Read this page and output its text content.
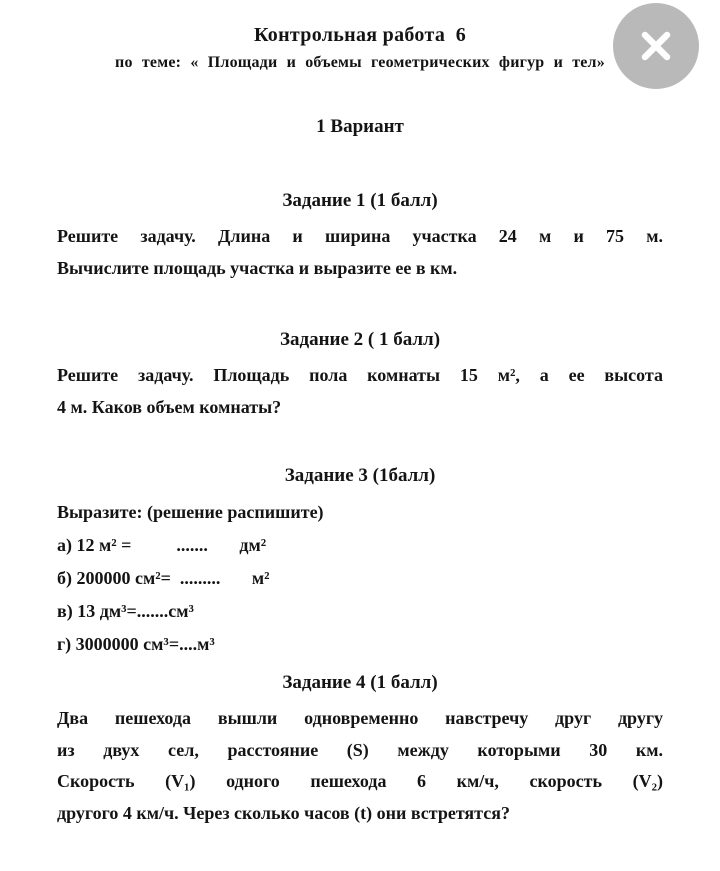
Контрольная работа  6
по теме: « Площади и объемы геометрических фигур и тел»
1 Вариант
Задание 1 (1 балл)
Решите задачу. Длина и ширина участка 24 м и 75 м.
Вычислите площадь участка и выразите ее в км.
Задание 2 ( 1 балл)
Решите задачу. Площадь пола комнаты 15 м², а ее высота
4 м. Каков объем комнаты?
Задание 3 (1балл)
Выразите: (решение распишите)
а) 12 м² =          .......       дм²
б) 200000 см²=  .........       м²
в) 13 дм³=.......см³
г) 3000000 см³=....м³
Задание 4 (1 балл)
Два пешехода вышли одновременно навстречу друг другу
из двух сел, расстояние (S) между которыми 30 км.
Скорость (V₁) одного пешехода 6 км/ч, скорость (V₂)
другого 4 км/ч. Через сколько часов (t) они встретятся?
